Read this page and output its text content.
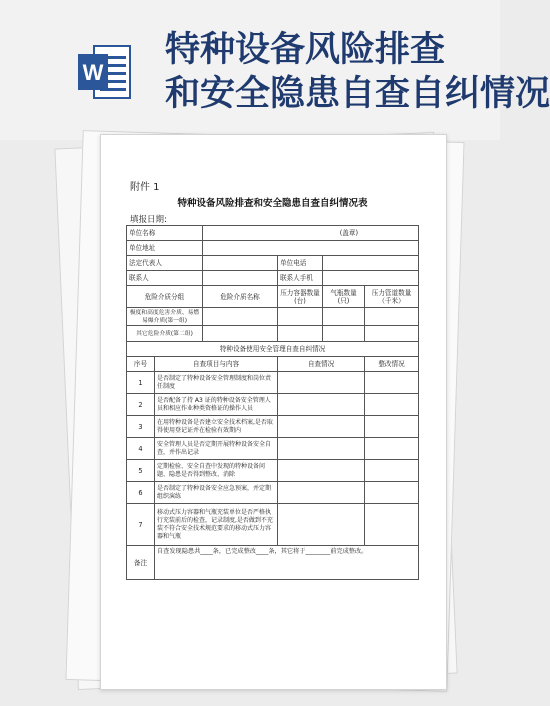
W
特种设备风险排查
和安全隐患自查自纠情况
附件 1
特种设备风险排查和安全隐患自查自纠情况表
填报日期:
单位名称		(盖章)			
单位地址					
法定代表人			单位电话		
联系人			联系人手机		
危险介质分组		危险介质名称	压力容器数量(台)	气瓶数量(只)	压力管道数量（千米）
极度和高度危害介质、易燃易爆介质(第一组)					
其它危险介质(第二组)					
特种设备使用安全管理自查自纠情况					
序号	自查项目与内容		自查情况		整改情况
1	是否制定了特种设备安全管理制度和岗位责任制度				
2	是否配备了持 A3 证的特种设备安全管理人员和相应作业种类资格证的操作人员				
3	在用特种设备是否建立安全技术档案,是否取得使用登记证并在检验有效期内				
4	安全管理人员是否定期开展特种设备安全自查，并作出记录				
5	定期检验、安全自查中发现的特种设备问题、隐患是否得到整改、消除				
6	是否制定了特种设备安全应急预案，并定期组织演练				
7	移动式压力容器和气瓶充装单位是否严格执行充装前后的检查，记录制度,是否做到不充装不符合安全技术规范要求的移动式压力容器和气瓶				
备注	自查发现隐患共____条，已完成整改____条，其它将于________前完成整改。				
